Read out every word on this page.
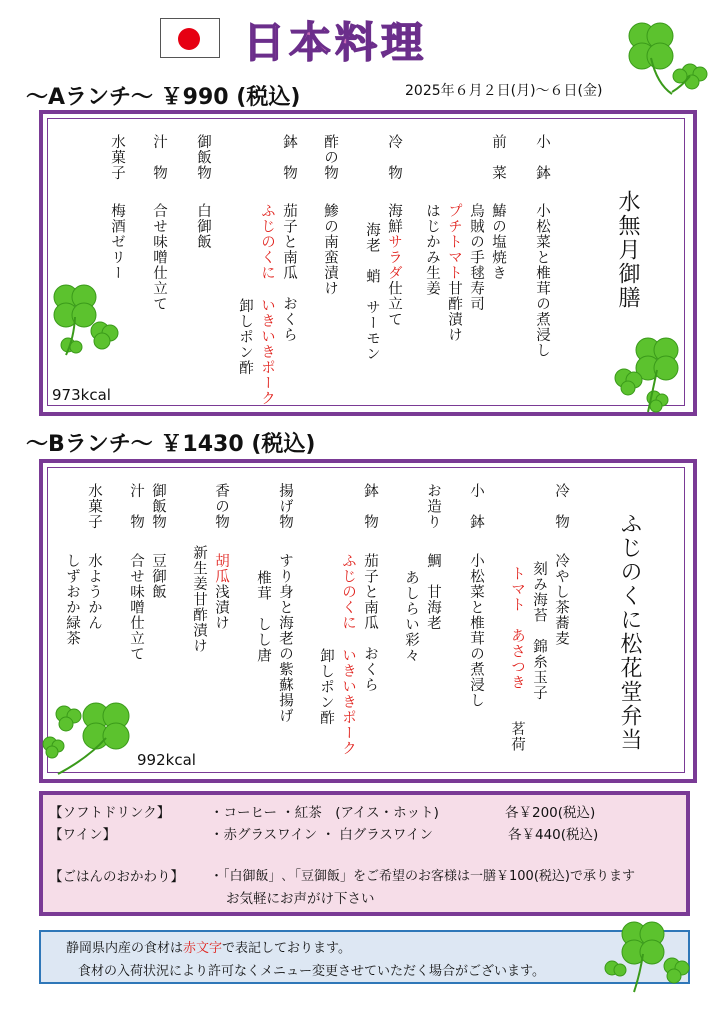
日本料理
～Aランチ～ ￥990 (税込)	2025年６月２日(月)～６日(金)
水無月御膳
小　鉢
小松菜と椎茸の煮浸し
前　菜
鰆の塩焼き
烏賊の手毬寿司
プチトマト甘酢漬け
はじかみ生姜
冷　物
海鮮サラダ仕立て
海老　蛸　サーモン
酢の物
鯵の南蛮漬け
鉢　物
茄子と南瓜　おくら
ふじのくに いきいきポーク
卸しポン酢
御飯物
白御飯
汁　物
合せ味噌仕立て
水菓子
梅酒ゼリー
973kcal
～Bランチ～ ￥1430 (税込)
ふじのくに松花堂弁当
冷　物
冷やし茶蕎麦
刻み海苔　錦糸玉子
トマト　あさつき　　茗荷
小　鉢
小松菜と椎茸の煮浸し
お造り
鯛　甘海老
あしらい彩々
鉢　物
茄子と南瓜　おくら
ふじのくに いきいきポーク
卸しポン酢
揚げ物
すり身と海老の紫蘇揚げ
椎茸　しし唐
香の物
胡瓜浅漬け
新生姜甘酢漬け
御飯物
豆御飯
汁　物
合せ味噌仕立て
水菓子
水ようかん
しずおか緑茶
992kcal
【ソフトドリンク】	・コーヒー ・紅茶　(アイス・ホット)	各￥200(税込)
【ワイン】	・赤グラスワイン ・ 白グラスワイン	各￥440(税込)
【ごはんのおかわり】 ・「白御飯」､「豆御飯」をご希望のお客様は一膳￥100(税込)で承ります
お気軽にお声がけ下さい
静岡県内産の食材は赤文字で表記しております。
食材の入荷状況により許可なくメニュー変更させていただく場合がございます。
